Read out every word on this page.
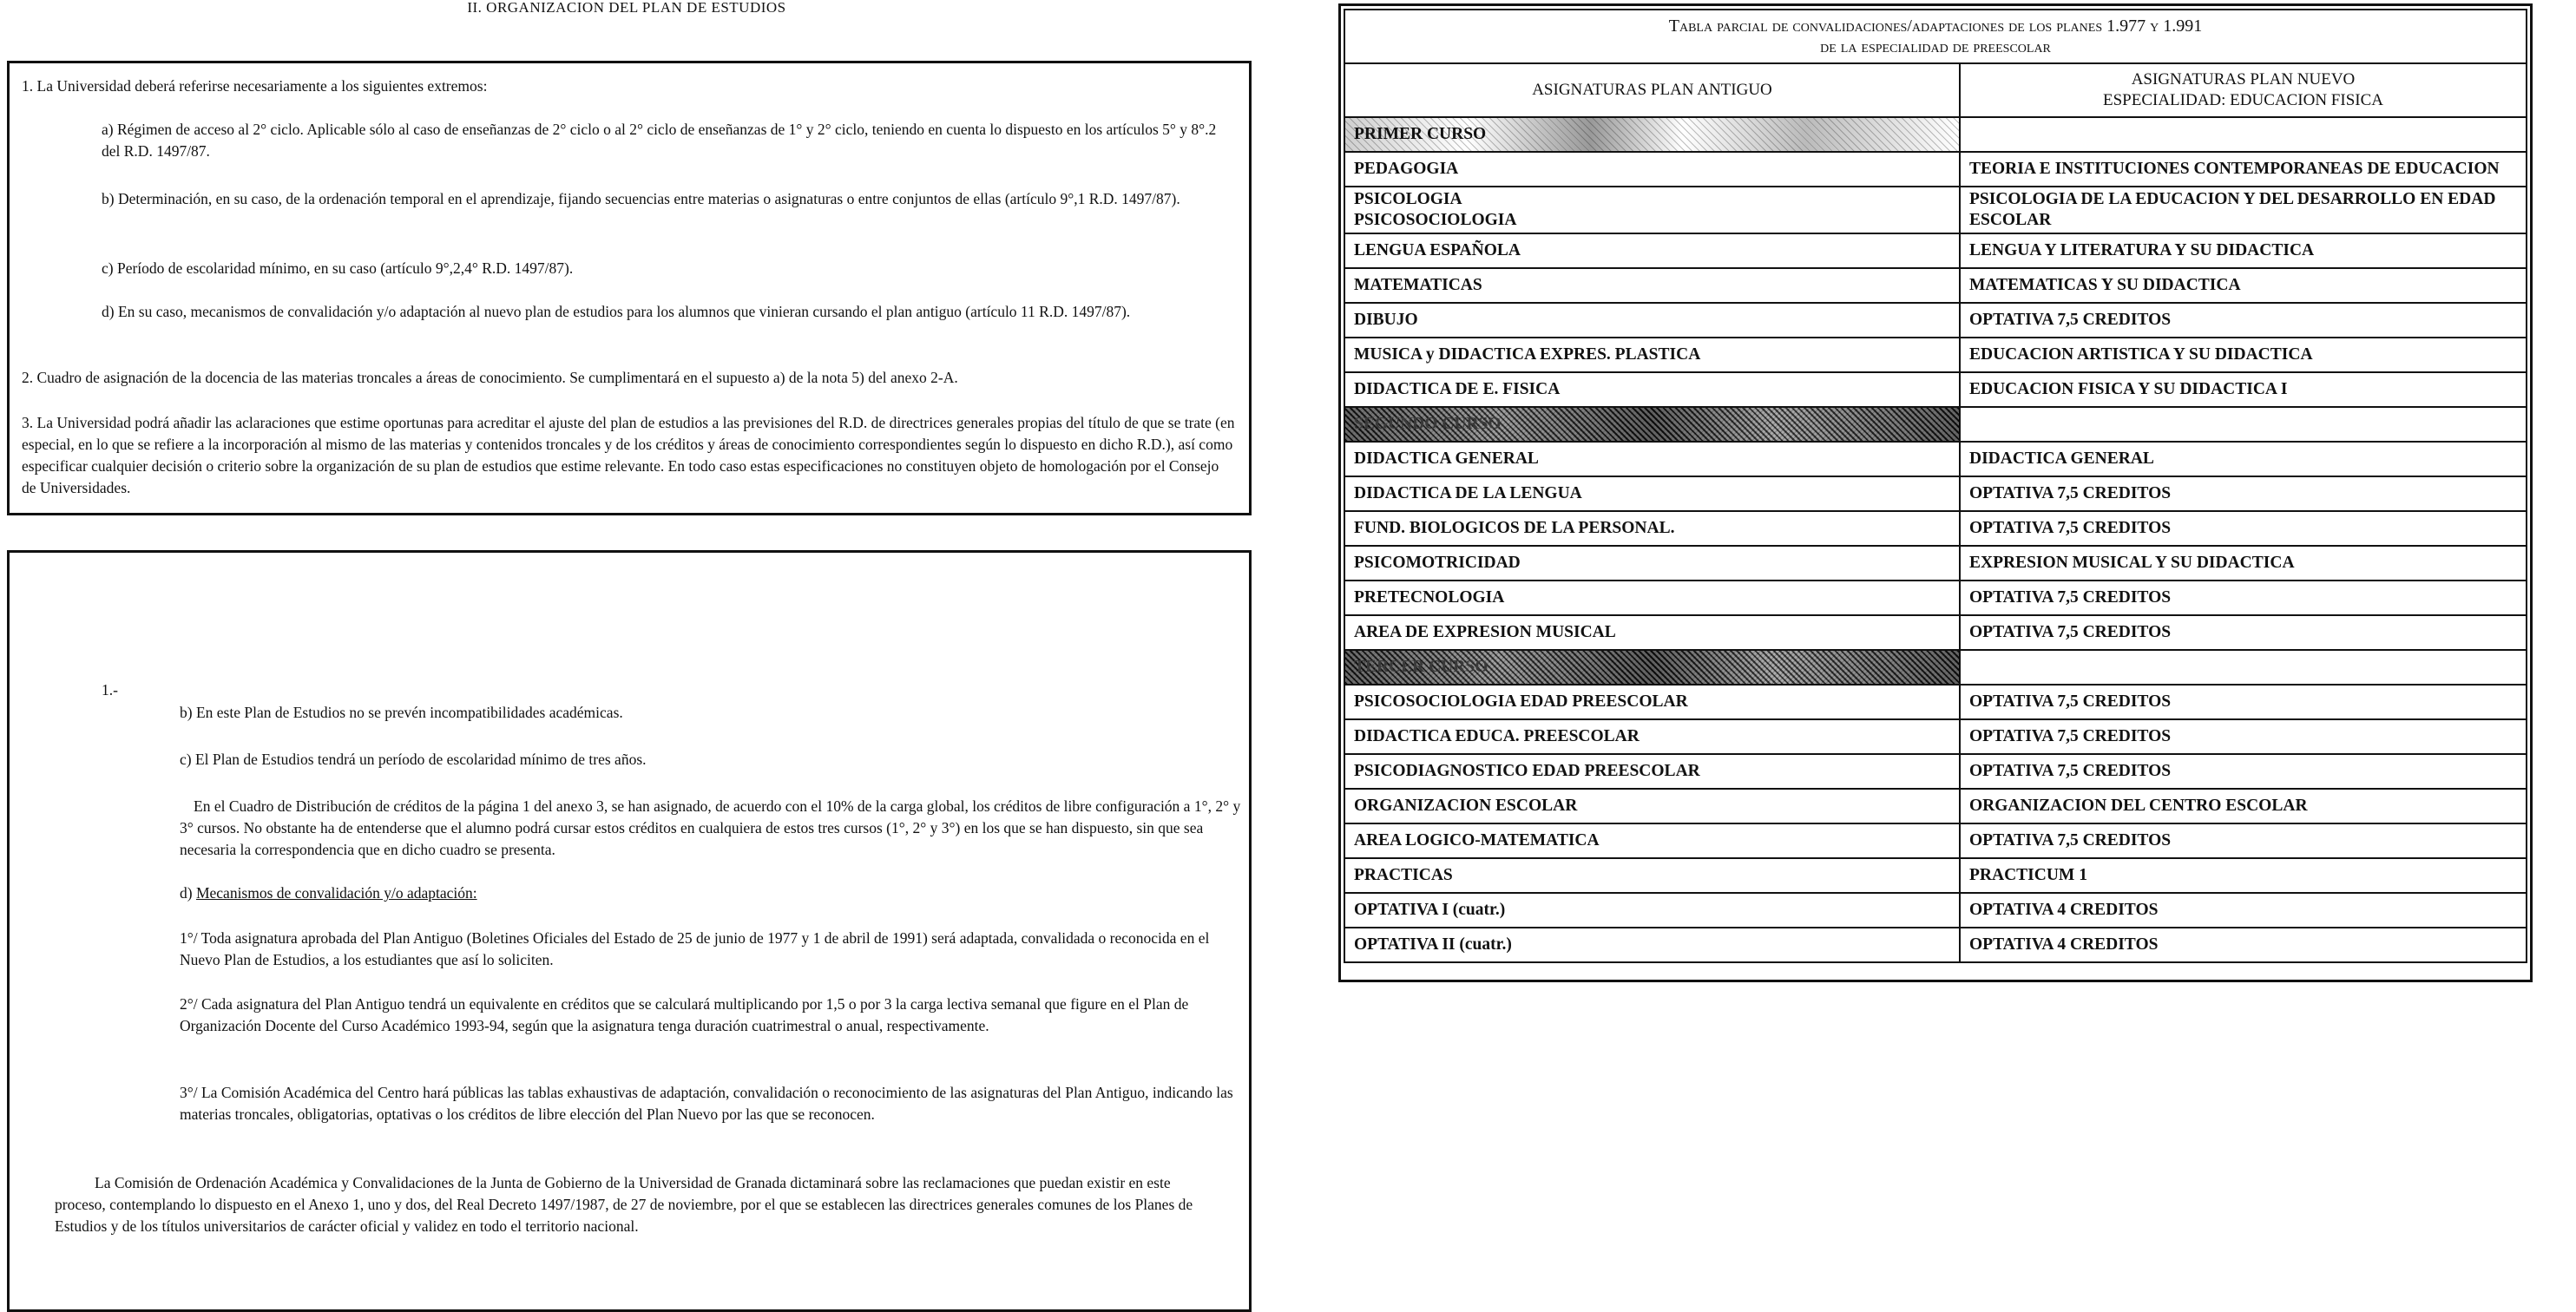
II. ORGANIZACION DEL PLAN DE ESTUDIOS

1. La Universidad deberá referirse necesariamente a los siguientes extremos:

a) Régimen de acceso al 2° ciclo. Aplicable sólo al caso de enseñanzas de 2° ciclo o al 2° ciclo de enseñanzas de 1° y 2° ciclo, teniendo en cuenta lo dispuesto en los artículos 5° y 8°.2 del R.D. 1497/87.

b) Determinación, en su caso, de la ordenación temporal en el aprendizaje, fijando secuencias entre materias o asignaturas o entre conjuntos de ellas (artículo 9°,1 R.D. 1497/87).

c) Período de escolaridad mínimo, en su caso (artículo 9°,2,4° R.D. 1497/87).

d) En su caso, mecanismos de convalidación y/o adaptación al nuevo plan de estudios para los alumnos que vinieran cursando el plan antiguo (artículo 11 R.D. 1497/87).

2. Cuadro de asignación de la docencia de las materias troncales a áreas de conocimiento. Se cumplimentará en el supuesto a) de la nota 5) del anexo 2-A.

3. La Universidad podrá añadir las aclaraciones que estime oportunas para acreditar el ajuste del plan de estudios a las previsiones del R.D. de directrices generales propias del título de que se trate (en especial, en lo que se refiere a la incorporación al mismo de las materias y contenidos troncales y de los créditos y áreas de conocimiento correspondientes según lo dispuesto en dicho R.D.), así como especificar cualquier decisión o criterio sobre la organización de su plan de estudios que estime relevante. En todo caso estas especificaciones no constituyen objeto de homologación por el Consejo de Universidades.

1.-

b) En este Plan de Estudios no se prevén incompatibilidades académicas.

c) El Plan de Estudios tendrá un período de escolaridad mínimo de tres años.

En el Cuadro de Distribución de créditos de la página 1 del anexo 3, se han asignado, de acuerdo con el 10% de la carga global, los créditos de libre configuración a 1°, 2° y 3° cursos. No obstante ha de entenderse que el alumno podrá cursar estos créditos en cualquiera de estos tres cursos (1°, 2° y 3°) en los que se han dispuesto, sin que sea necesaria la correspondencia que en dicho cuadro se presenta.

d) Mecanismos de convalidación y/o adaptación:

1°/ Toda asignatura aprobada del Plan Antiguo (Boletines Oficiales del Estado de 25 de junio de 1977 y 1 de abril de 1991) será adaptada, convalidada o reconocida en el Nuevo Plan de Estudios, a los estudiantes que así lo soliciten.

2°/ Cada asignatura del Plan Antiguo tendrá un equivalente en créditos que se calculará multiplicando por 1,5 o por 3 la carga lectiva semanal que figure en el Plan de Organización Docente del Curso Académico 1993-94, según que la asignatura tenga duración cuatrimestral o anual, respectivamente.

3°/ La Comisión Académica del Centro hará públicas las tablas exhaustivas de adaptación, convalidación o reconocimiento de las asignaturas del Plan Antiguo, indicando las materias troncales, obligatorias, optativas o los créditos de libre elección del Plan Nuevo por las que se reconocen.

La Comisión de Ordenación Académica y Convalidaciones de la Junta de Gobierno de la Universidad de Granada dictaminará sobre las reclamaciones que puedan existir en este proceso, contemplando lo dispuesto en el Anexo 1, uno y dos, del Real Decreto 1497/1987, de 27 de noviembre, por el que se establecen las directrices generales comunes de los Planes de Estudios y de los títulos universitarios de carácter oficial y validez en todo el territorio nacional.

Tabla parcial de convalidaciones/adaptaciones de los planes 1.977 y 1.991
de la especialidad de preescolar	
ASIGNATURAS PLAN ANTIGUO	ASIGNATURAS PLAN NUEVO
ESPECIALIDAD: EDUCACION FISICA
PRIMER CURSO	
PEDAGOGIA	TEORIA E INSTITUCIONES CONTEMPORANEAS DE EDUCACION
PSICOLOGIA
PSICOSOCIOLOGIA	PSICOLOGIA DE LA EDUCACION Y DEL DESARROLLO EN EDAD
ESCOLAR
LENGUA ESPAÑOLA	LENGUA Y LITERATURA Y SU DIDACTICA
MATEMATICAS	MATEMATICAS Y SU DIDACTICA
DIBUJO	OPTATIVA 7,5 CREDITOS
MUSICA y DIDACTICA EXPRES. PLASTICA	EDUCACION ARTISTICA Y SU DIDACTICA
DIDACTICA DE E. FISICA	EDUCACION FISICA Y SU DIDACTICA I
SEGUNDO CURSO	
DIDACTICA GENERAL	DIDACTICA GENERAL
DIDACTICA DE LA LENGUA	OPTATIVA 7,5 CREDITOS
FUND. BIOLOGICOS DE LA PERSONAL.	OPTATIVA 7,5 CREDITOS
PSICOMOTRICIDAD	EXPRESION MUSICAL Y SU DIDACTICA
PRETECNOLOGIA	OPTATIVA 7,5 CREDITOS
AREA DE EXPRESION MUSICAL	OPTATIVA 7,5 CREDITOS
TERCER CURSO	
PSICOSOCIOLOGIA EDAD PREESCOLAR	OPTATIVA 7,5 CREDITOS
DIDACTICA EDUCA. PREESCOLAR	OPTATIVA 7,5 CREDITOS
PSICODIAGNOSTICO EDAD PREESCOLAR	OPTATIVA 7,5 CREDITOS
ORGANIZACION ESCOLAR	ORGANIZACION DEL CENTRO ESCOLAR
AREA LOGICO-MATEMATICA	OPTATIVA 7,5 CREDITOS
PRACTICAS	PRACTICUM 1
OPTATIVA I (cuatr.)	OPTATIVA 4 CREDITOS
OPTATIVA II (cuatr.)	OPTATIVA 4 CREDITOS
